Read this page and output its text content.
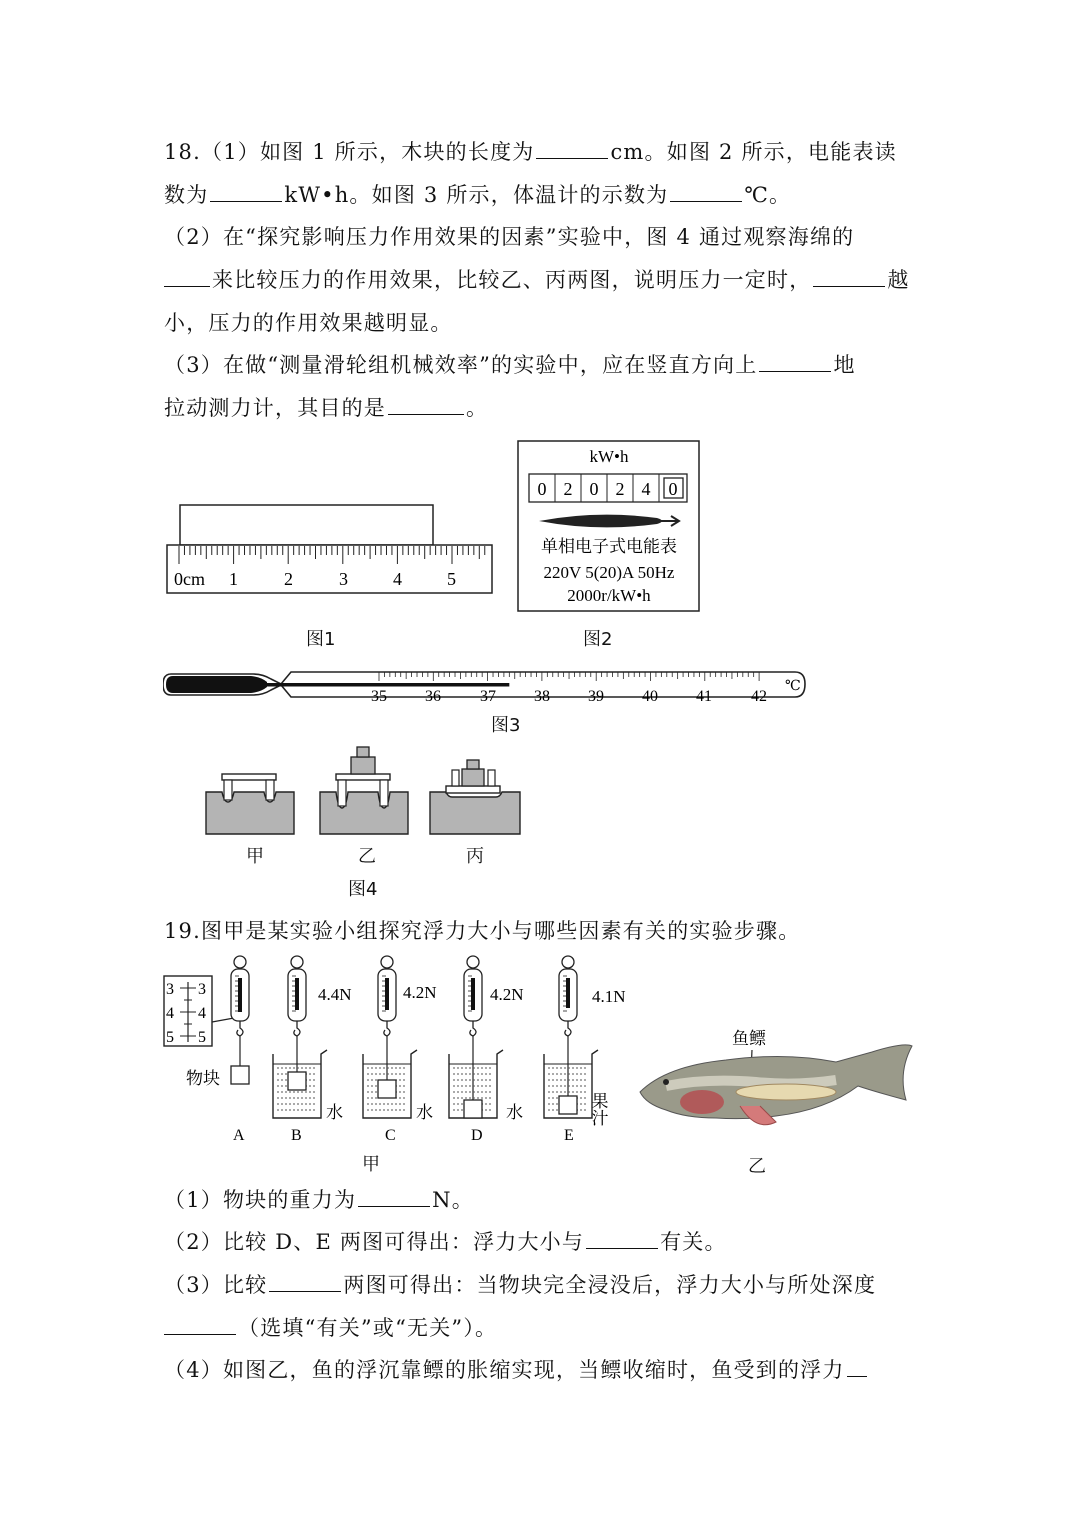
18.（1）如图 1 所示，木块的长度为	cm。如图 2 所示，电能表读
数为	kW•h。如图 3 所示，体温计的示数为	℃。
（2）在“探究影响压力作用效果的因素”实验中，图 4 通过观察海绵的
来比较压力的作用效果，比较乙、丙两图，说明压力一定时，	越
小，压力的作用效果越明显。
（3）在做“测量滑轮组机械效率”的实验中，应在竖直方向上	地
拉动测力计，其目的是	。
0cm 1	2	3	4	5
图1
kW•h
0 2 0 2 4 0
单相电子式电能表
220V 5(20)A 50Hz
2000r/kW•h
图2
35 36 37 38 39 40 41 42
℃
图3
甲	乙	丙
图4
19.图甲是某实验小组探究浮力大小与哪些因素有关的实验步骤。
3 3
4 4
5 5
4.4N	4.2N	4.2N	4.1N
物块
水	水	水	果汁
A	B	C	D	E
甲
鱼鳔
乙
（1）物块的重力为	N。
（2）比较 D、E 两图可得出：浮力大小与	有关。
（3）比较	两图可得出：当物块完全浸没后，浮力大小与所处深度
（选填“有关”或“无关”）。
（4）如图乙，鱼的浮沉靠鳔的胀缩实现，当鳔收缩时，鱼受到的浮力
